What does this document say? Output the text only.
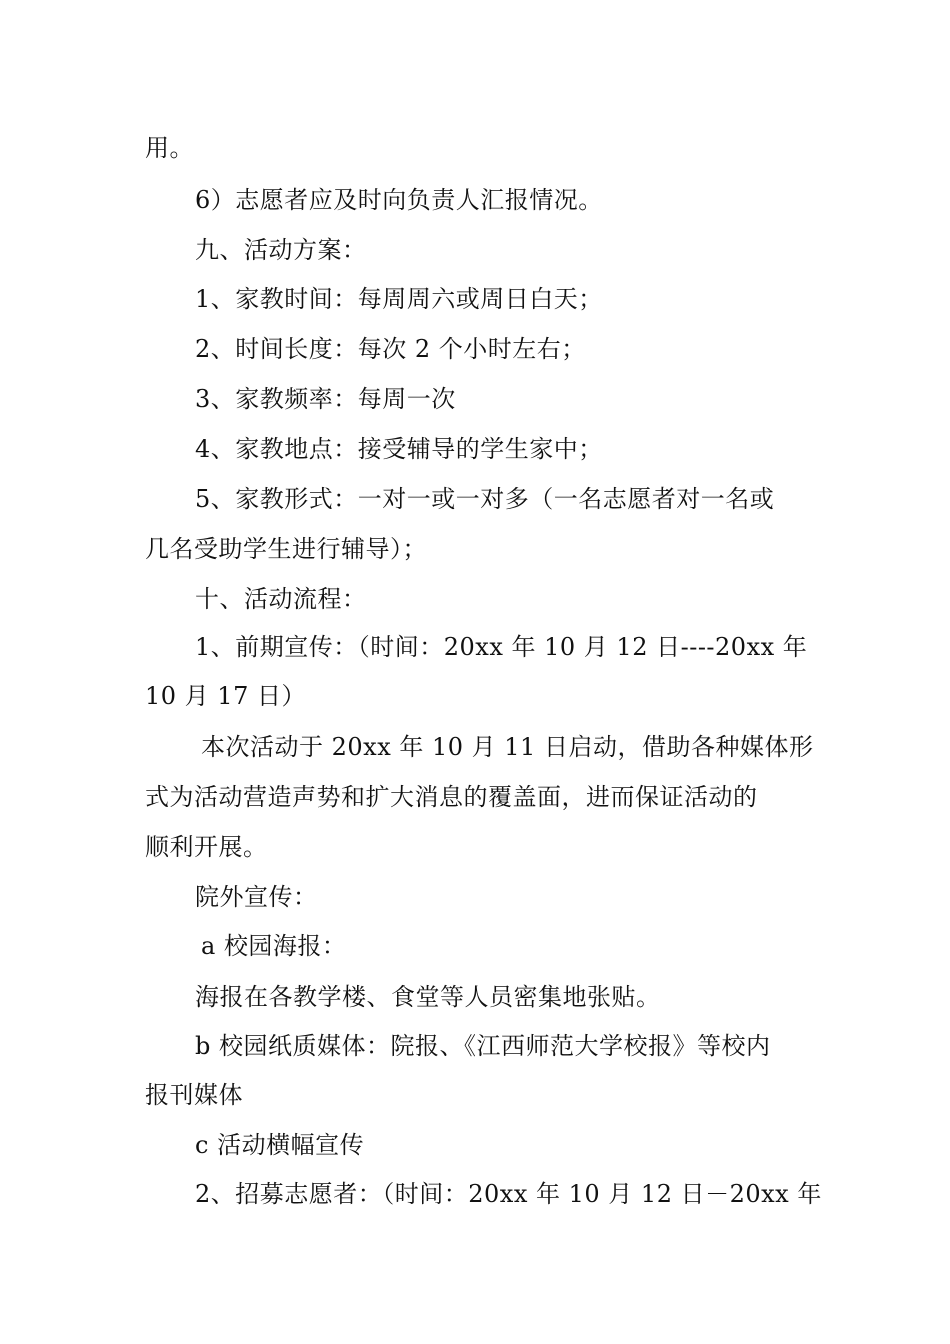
用。
6）志愿者应及时向负责人汇报情况。
九、活动方案：
1、家教时间：每周周六或周日白天；
2、时间长度：每次 2 个小时左右；
3、家教频率：每周一次
4、家教地点：接受辅导的学生家中；
5、家教形式：一对一或一对多（一名志愿者对一名或
几名受助学生进行辅导）；
十、活动流程：
1、前期宣传：（时间：20xx 年 10 月 12 日----20xx 年
10 月 17 日）
本次活动于 20xx 年 10 月 11 日启动，借助各种媒体形
式为活动营造声势和扩大消息的覆盖面，进而保证活动的
顺利开展。
院外宣传：
a 校园海报：
海报在各教学楼、食堂等人员密集地张贴。
b 校园纸质媒体：院报、《江西师范大学校报》等校内
报刊媒体
c 活动横幅宣传
2、招募志愿者：（时间：20xx 年 10 月 12 日－20xx 年
